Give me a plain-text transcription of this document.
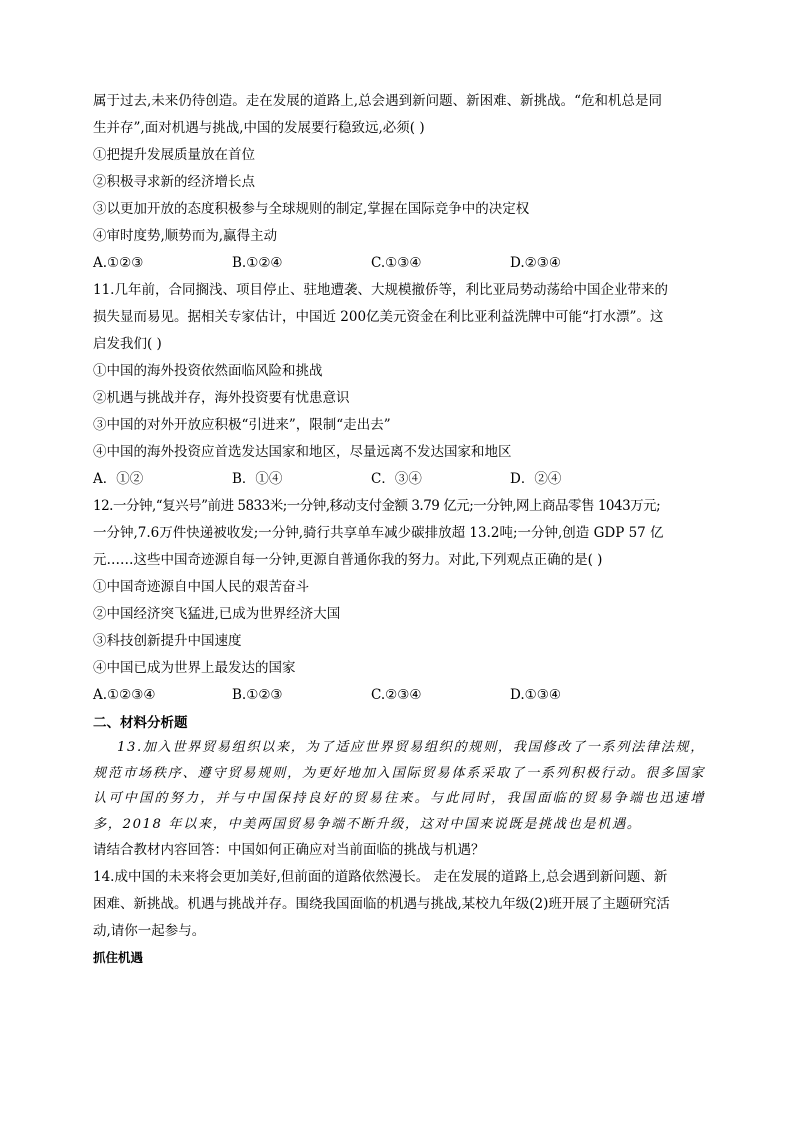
属于过去,未来仍待创造。走在发展的道路上,总会遇到新问题、新困难、新挑战。“危和机总是同
生并存”,面对机遇与挑战,中国的发展要行稳致远,必须( )
①把提升发展质量放在首位
②积极寻求新的经济增长点
③以更加开放的态度积极参与全球规则的制定,掌握在国际竞争中的决定权
④审时度势,顺势而为,赢得主动
A.①②③	B.①②④	C.①③④	D.②③④
11.几年前，合同搁浅、项目停止、驻地遭袭、大规模撤侨等，利比亚局势动荡给中国企业带来的
损失显而易见。据相关专家估计，中国近 200亿美元资金在利比亚利益洗牌中可能“打水漂”。这
启发我们( )
①中国的海外投资依然面临风险和挑战
②机遇与挑战并存，海外投资要有忧患意识
③中国的对外开放应积极“引进来”，限制“走出去”
④中国的海外投资应首选发达国家和地区，尽量远离不发达国家和地区
A．①②	B．①④	C．③④	D．②④
12.一分钟,“复兴号”前进 5833米;一分钟,移动支付金额 3.79 亿元;一分钟,网上商品零售 1043万元;
一分钟,7.6万件快递被收发;一分钟,骑行共享单车减少碳排放超 13.2吨;一分钟,创造 GDP 57 亿
元……这些中国奇迹源自每一分钟,更源自普通你我的努力。对此,下列观点正确的是( )
①中国奇迹源自中国人民的艰苦奋斗
②中国经济突飞猛进,已成为世界经济大国
③科技创新提升中国速度
④中国已成为世界上最发达的国家
A.①②③④	B.①②③	C.②③④	D.①③④
二、材料分析题
13.加入世界贸易组织以来，为了适应世界贸易组织的规则，我国修改了一系列法律法规，规范市场秩序、遵守贸易规则，为更好地加入国际贸易体系采取了一系列积极行动。很多国家认可中国的努力，并与中国保持良好的贸易往来。与此同时，我国面临的贸易争端也迅速增多，2018 年以来，中美两国贸易争端不断升级，这对中国来说既是挑战也是机遇。
请结合教材内容回答：中国如何正确应对当前面临的挑战与机遇？
14.成中国的未来将会更加美好,但前面的道路依然漫长。 走在发展的道路上,总会遇到新问题、新
困难、新挑战。机遇与挑战并存。围绕我国面临的机遇与挑战,某校九年级(2)班开展了主题研究活
动,请你一起参与。
抓住机遇
